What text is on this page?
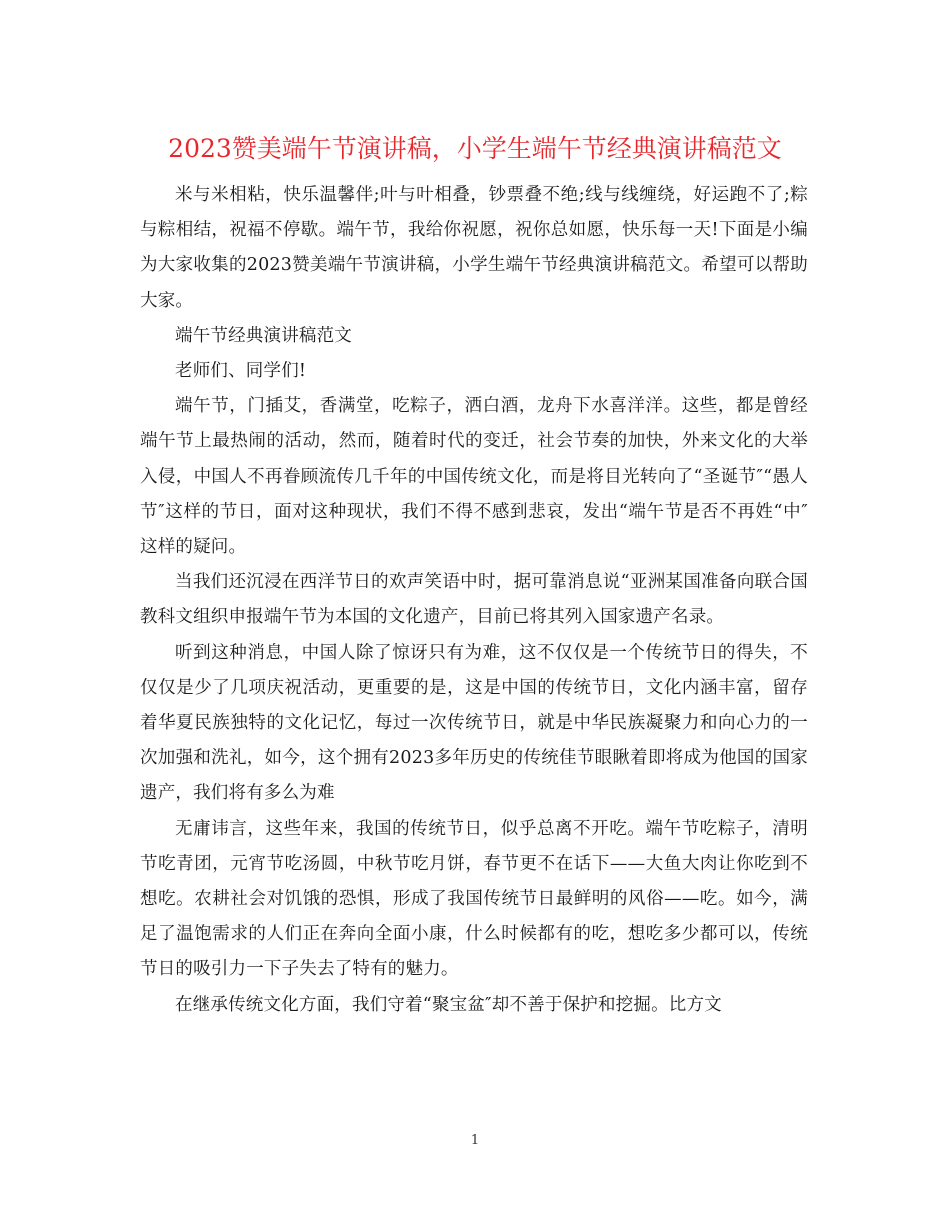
2023赞美端午节演讲稿，小学生端午节经典演讲稿范文

米与米相粘，快乐温馨伴;叶与叶相叠，钞票叠不绝;线与线缠绕，好运跑不了;粽与粽相结，祝福不停歇。端午节，我给你祝愿，祝你总如愿，快乐每一天!下面是小编为大家收集的2023赞美端午节演讲稿，小学生端午节经典演讲稿范文。希望可以帮助大家。

端午节经典演讲稿范文

老师们、同学们!

端午节，门插艾，香满堂，吃粽子，洒白酒，龙舟下水喜洋洋。这些，都是曾经端午节上最热闹的活动，然而，随着时代的变迁，社会节奏的加快，外来文化的大举入侵，中国人不再眷顾流传几千年的中国传统文化，而是将目光转向了“圣诞节″“愚人节″这样的节日，面对这种现状，我们不得不感到悲哀，发出“端午节是否不再姓“中″这样的疑问。

当我们还沉浸在西洋节日的欢声笑语中时，据可靠消息说“亚洲某国准备向联合国教科文组织申报端午节为本国的文化遗产，目前已将其列入国家遗产名录。

听到这种消息，中国人除了惊讶只有为难，这不仅仅是一个传统节日的得失，不仅仅是少了几项庆祝活动，更重要的是，这是中国的传统节日，文化内涵丰富，留存着华夏民族独特的文化记忆，每过一次传统节日，就是中华民族凝聚力和向心力的一次加强和洗礼，如今，这个拥有2023多年历史的传统佳节眼瞅着即将成为他国的国家遗产，我们将有多么为难

无庸讳言，这些年来，我国的传统节日，似乎总离不开吃。端午节吃粽子，清明节吃青团，元宵节吃汤圆，中秋节吃月饼，春节更不在话下——大鱼大肉让你吃到不想吃。农耕社会对饥饿的恐惧，形成了我国传统节日最鲜明的风俗——吃。如今，满足了温饱需求的人们正在奔向全面小康，什么时候都有的吃，想吃多少都可以，传统节日的吸引力一下子失去了特有的魅力。

在继承传统文化方面，我们守着“聚宝盆″却不善于保护和挖掘。比方文

1
